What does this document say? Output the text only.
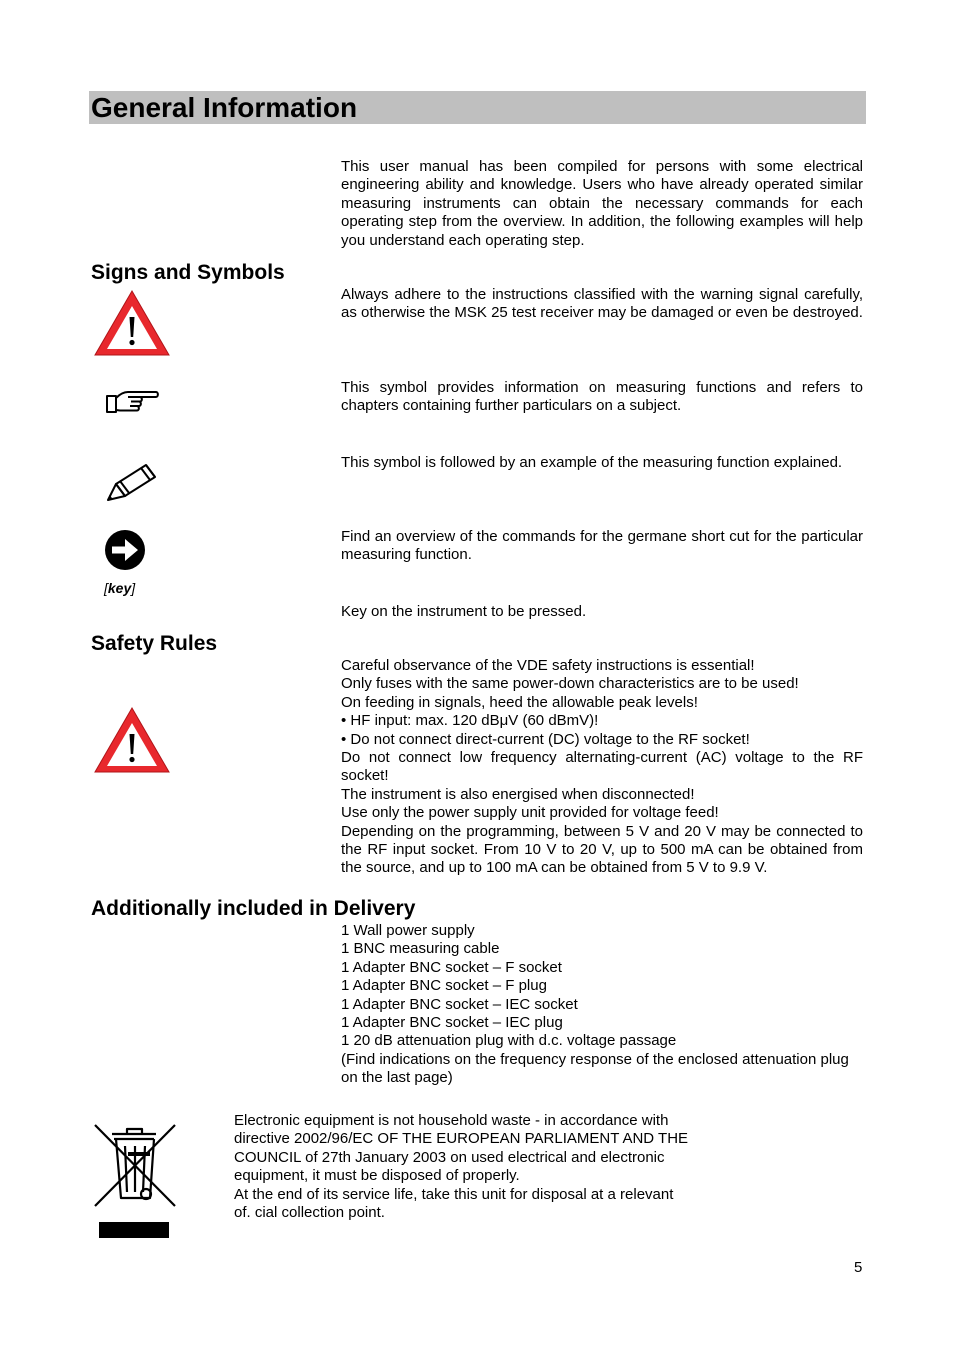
General Information
This user manual has been compiled for persons with some electrical engineering ability and knowledge. Users who have already operated similar measuring instruments can obtain the necessary commands for each operating step from the overview. In addition, the following examples will help you understand each operating step.
Signs and Symbols
Always adhere to the instructions classified with the warning signal carefully, as otherwise the MSK 25 test receiver may be damaged or even be destroyed.
This symbol provides information on measuring functions and refers to chapters containing further particulars on a subject.
This symbol is followed by an example of the measuring function explained.
Find an overview of the commands for the germane short cut for the particular measuring function.
[key]
Key on the instrument to be pressed.
Safety Rules
Careful observance of the VDE safety instructions is essential!
Only fuses with the same power-down characteristics are to be used!
On feeding in signals, heed the allowable peak levels!
• HF input: max. 120 dBμV (60 dBmV)!
• Do not connect direct-current (DC) voltage to the RF socket!
Do not connect low frequency alternating-current (AC) voltage to the RF socket!
The instrument is also energised when disconnected!
Use only the power supply unit provided for voltage feed!
Depending on the programming, between 5 V and 20 V may be connected to the RF input socket. From 10 V to 20 V, up to 500 mA can be obtained from the source, and up to 100 mA can be obtained from 5 V to 9.9 V.
Additionally included in Delivery
1 Wall power supply
1 BNC measuring cable
1 Adapter BNC socket – F socket
1 Adapter BNC socket – F plug
1 Adapter BNC socket – IEC socket
1 Adapter BNC socket – IEC plug
1 20 dB attenuation plug with d.c. voltage passage
(Find indications on the frequency response of the enclosed attenuation plug on the last page)
Electronic equipment is not household waste - in accordance with
directive 2002/96/EC OF THE EUROPEAN PARLIAMENT AND THE
COUNCIL of 27th January 2003 on used electrical and electronic
equipment, it must be disposed of properly.
At the end of its service life, take this unit for disposal at a relevant
of. cial collection point.
5
